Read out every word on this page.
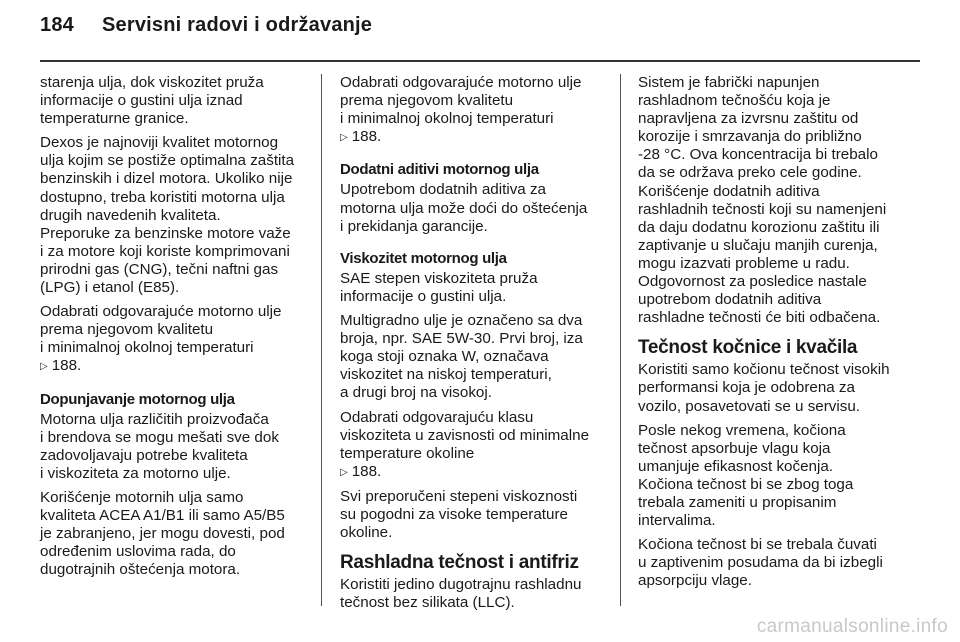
184 Servisni radovi i održavanje
starenja ulja, dok viskozitet pruža
informacije o gustini ulja iznad
temperaturne granice.
Dexos je najnoviji kvalitet motornog
ulja kojim se postiže optimalna zaštita
benzinskih i dizel motora. Ukoliko nije
dostupno, treba koristiti motorna ulja
drugih navedenih kvaliteta.
Preporuke za benzinske motore važe
i za motore koji koriste komprimovani
prirodni gas (CNG), tečni naftni gas
(LPG) i etanol (E85).
Odabrati odgovarajuće motorno ulje
prema njegovom kvalitetu
i minimalnoj okolnoj temperaturi
▷ 188.
Dopunjavanje motornog ulja
Motorna ulja različitih proizvođača
i brendova se mogu mešati sve dok
zadovoljavaju potrebe kvaliteta
i viskoziteta za motorno ulje.
Korišćenje motornih ulja samo
kvaliteta ACEA A1/B1 ili samo A5/B5
je zabranjeno, jer mogu dovesti, pod
određenim uslovima rada, do
dugotrajnih oštećenja motora.
Odabrati odgovarajuće motorno ulje
prema njegovom kvalitetu
i minimalnoj okolnoj temperaturi
▷ 188.
Dodatni aditivi motornog ulja
Upotrebom dodatnih aditiva za
motorna ulja može doći do oštećenja
i prekidanja garancije.
Viskozitet motornog ulja
SAE stepen viskoziteta pruža
informacije o gustini ulja.
Multigradno ulje je označeno sa dva
broja, npr. SAE 5W-30. Prvi broj, iza
koga stoji oznaka W, označava
viskozitet na niskoj temperaturi,
a drugi broj na visokoj.
Odabrati odgovarajuću klasu
viskoziteta u zavisnosti od minimalne
temperature okoline
▷ 188.
Svi preporučeni stepeni viskoznosti
su pogodni za visoke temperature
okoline.
Rashladna tečnost i antifriz
Koristiti jedino dugotrajnu rashladnu
tečnost bez silikata (LLC).
Sistem je fabrički napunjen
rashladnom tečnošću koja je
napravljena za izvrsnu zaštitu od
korozije i smrzavanja do približno
-28 °C. Ova koncentracija bi trebalo
da se održava preko cele godine.
Korišćenje dodatnih aditiva
rashladnih tečnosti koji su namenjeni
da daju dodatnu korozionu zaštitu ili
zaptivanje u slučaju manjih curenja,
mogu izazvati probleme u radu.
Odgovornost za posledice nastale
upotrebom dodatnih aditiva
rashladne tečnosti će biti odbačena.
Tečnost kočnice i kvačila
Koristiti samo kočionu tečnost visokih
performansi koja je odobrena za
vozilo, posavetovati se u servisu.
Posle nekog vremena, kočiona
tečnost apsorbuje vlagu koja
umanjuje efikasnost kočenja.
Kočiona tečnost bi se zbog toga
trebala zameniti u propisanim
intervalima.
Kočiona tečnost bi se trebala čuvati
u zaptivenim posudama da bi izbegli
apsorpciju vlage.
carmanualsonline.info
